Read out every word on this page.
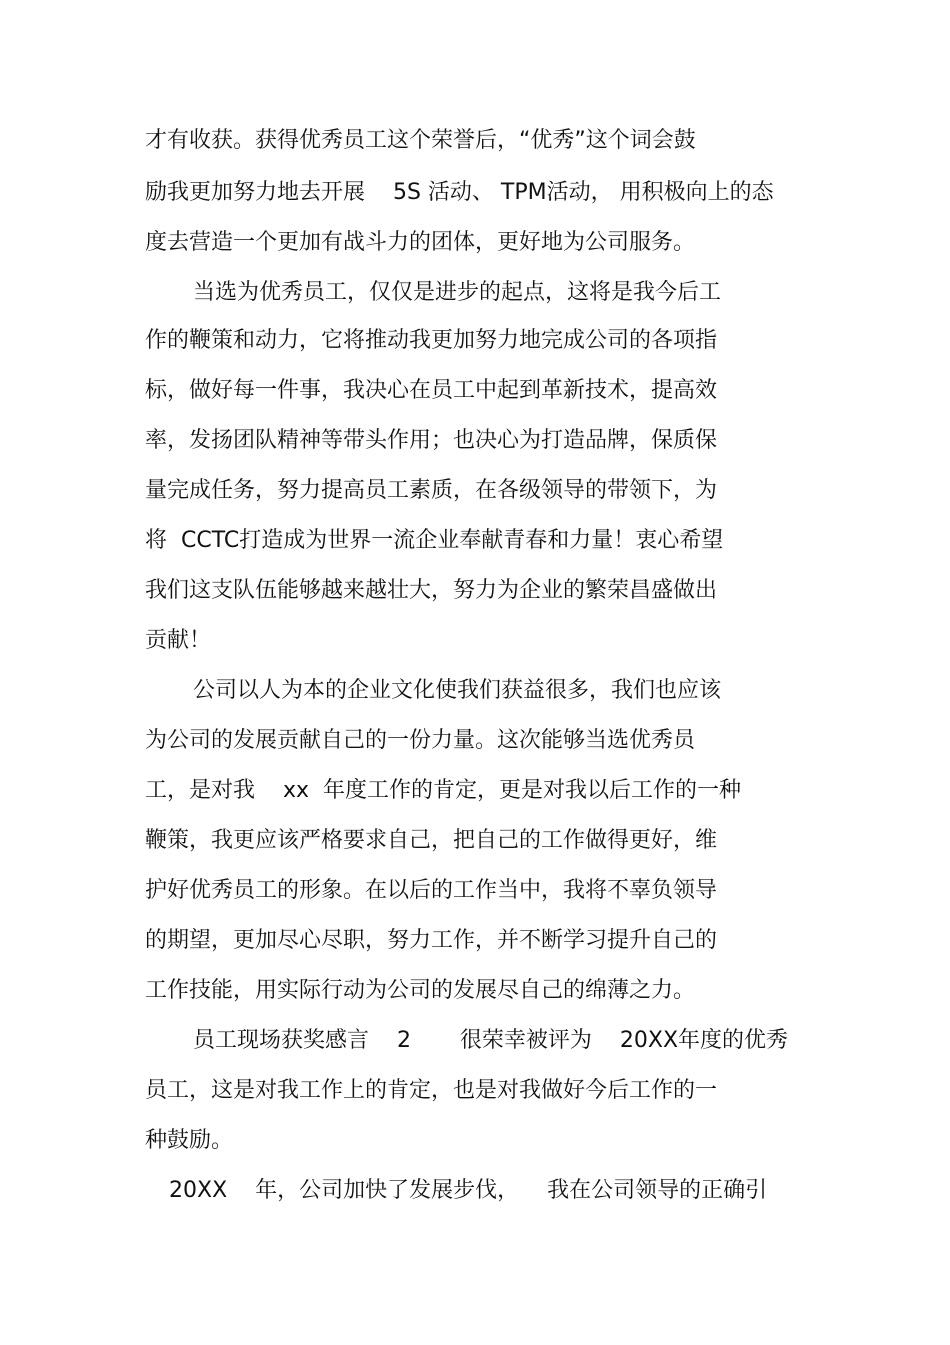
才有收获。获得优秀员工这个荣誉后，“优秀”这个词会鼓
励我更加努力地去开展    5S 活动、 TPM活动， 用积极向上的态
度去营造一个更加有战斗力的团体，更好地为公司服务。
当选为优秀员工，仅仅是进步的起点，这将是我今后工
作的鞭策和动力，它将推动我更加努力地完成公司的各项指
标，做好每一件事，我决心在员工中起到革新技术，提高效
率，发扬团队精神等带头作用；也决心为打造品牌，保质保
量完成任务，努力提高员工素质，在各级领导的带领下，为
将  CCTC打造成为世界一流企业奉献青春和力量！衷心希望
我们这支队伍能够越来越壮大，努力为企业的繁荣昌盛做出
贡献！
公司以人为本的企业文化使我们获益很多，我们也应该
为公司的发展贡献自己的一份力量。这次能够当选优秀员
工，是对我    xx  年度工作的肯定，更是对我以后工作的一种
鞭策，我更应该严格要求自己，把自己的工作做得更好，维
护好优秀员工的形象。在以后的工作当中，我将不辜负领导
的期望，更加尽心尽职，努力工作，并不断学习提升自己的
工作技能，用实际行动为公司的发展尽自己的绵薄之力。
员工现场获奖感言    2       很荣幸被评为    20XX年度的优秀
员工，这是对我工作上的肯定，也是对我做好今后工作的一
种鼓励。
20XX    年，公司加快了发展步伐，    我在公司领导的正确引
